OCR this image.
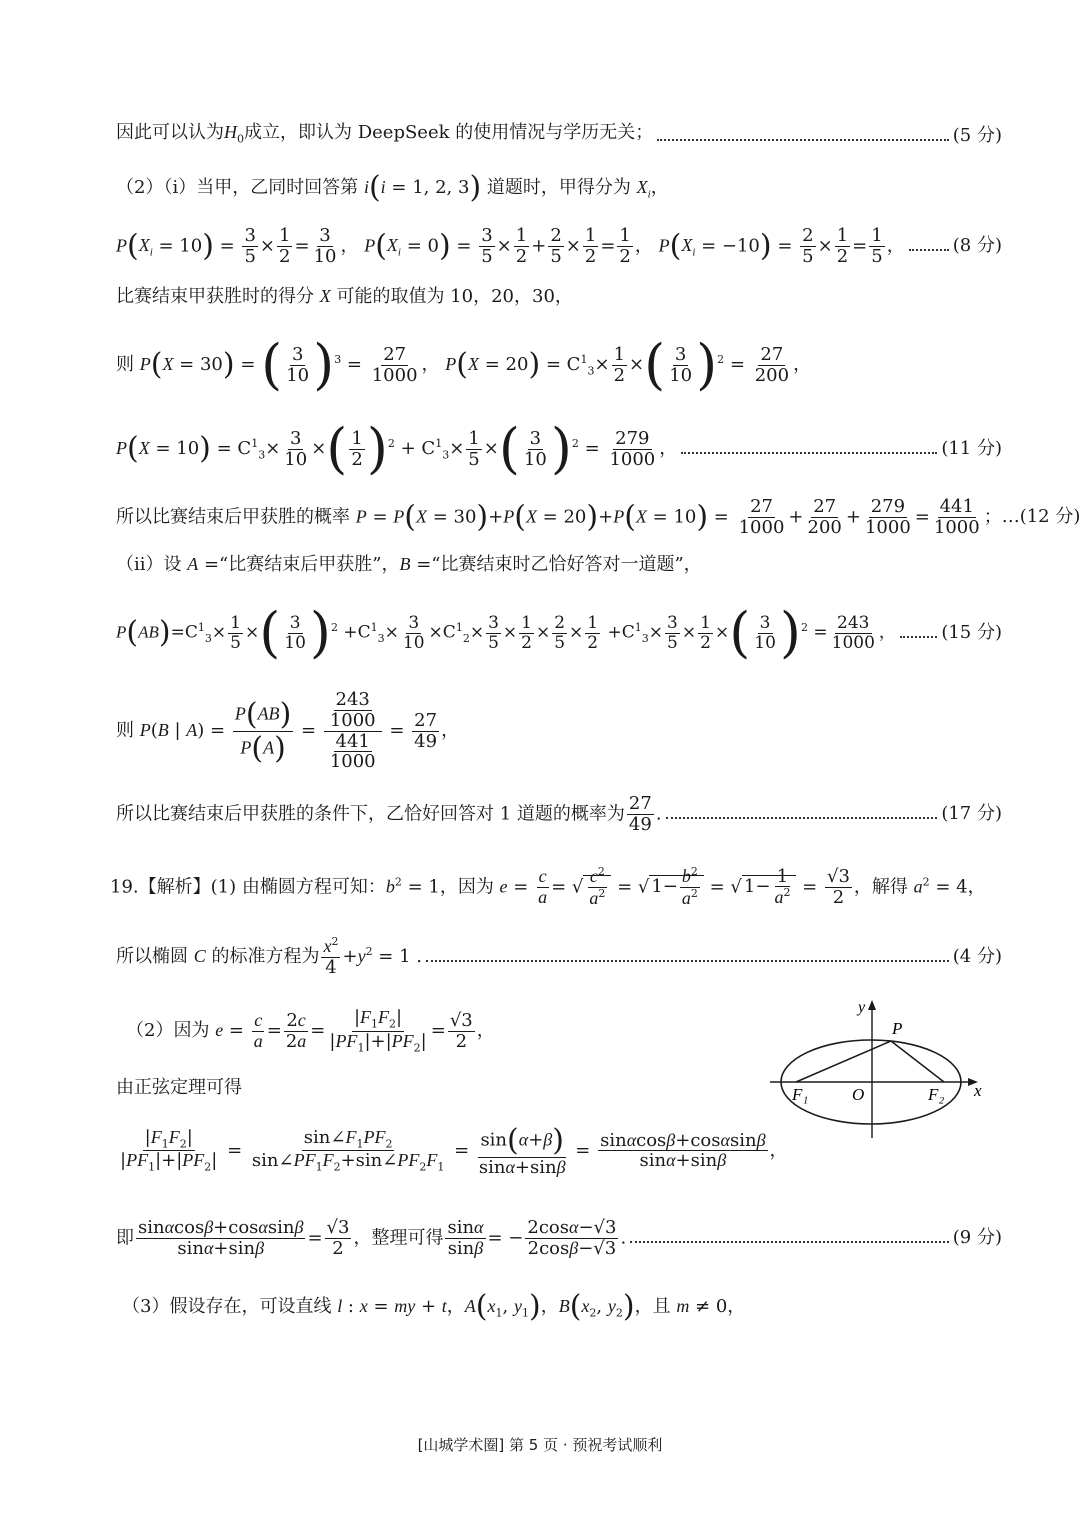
因此可以认为$H_0$成立，即认为 DeepSeek 的使用情况与学历无关；	(5 分)
（2）（i）当甲，乙同时回答第 i(i = 1, 2, 3) 道题时，甲得分为 $X_i$，
$P(X_i = 10) = \frac{3}{5} \times \frac{1}{2} = \frac{3}{10}$ ， $P(X_i = 0) = \frac{3}{5} \times \frac{1}{2} + \frac{2}{5} \times \frac{1}{2} = \frac{1}{2}$ ， $P(X_i = -10) = \frac{2}{5} \times \frac{1}{2} = \frac{1}{5}$ ，	(8 分)
比赛结束甲获胜时的得分 X 可能的取值为 10，20，30，
则 P(X = 30) = ( $\frac{3}{10} )^3 = \frac{27}{1000}$ ， $P(X = 20) = C^1_3\times \frac{1}{2}$ ×( $\frac{3}{10} )^2 = \frac{27}{200}$ ，
$P(X = 10) = C^1_3\times \frac{3}{10}$ ×( $\frac{1}{2} )^2 + C^1_3\times \frac{1}{5}$ ×( $\frac{3}{10} )^2 = \frac{279}{1000}$ ，	(11 分)
所以比赛结束后甲获胜的概率 $P = P(X = 30)+P(X = 20)+P(X = 10) = \frac{27}{1000} + \frac{27}{200} + \frac{279}{1000} = \frac{441}{1000}$ ； …(12 分)
（ii）设 A =“比赛结束后甲获胜”，B =“比赛结束时乙恰好答对一道题”，
$P(AB)=C^1_3\times \frac{1}{5}$ ×( $\frac{3}{10} )^2 +C^1_3\times \frac{3}{10} \times C^1_2\times \frac{3}{5} \times \frac{1}{2} \times \frac{2}{5} \times \frac{1}{2} +C^1_3\times \frac{3}{5} \times \frac{1}{2}$ ×( $\frac{3}{10} )^2 = \frac{243}{1000}$ ，	(15 分)
则 P(B | $A) = \frac{P(AB)}{P(A)} = \frac{\frac{243}{1000}}{\frac{441}{1000}} = \frac{27}{49}$ ，
所以比赛结束后甲获胜的条件下，乙恰好回答对 1 道题的概率为 $\frac{27}{49}$ .	(17 分)
19.【解析】(1) 由椭圆方程可知：$b^2 = 1$，因为 $e = \frac{c}{a}$ = √ $\frac{c^2}{a^2}$ = √ $1- \frac{b^2}{a^2}$ = √ $1- \frac{1}{a^2} = \frac{√3}{2}$ ，解得 $a^2 = 4$，
所以椭圆 C 的标准方程为 $\frac{x^2}{4} +y^2 = 1$ .	(4 分)
（2）因为 $e = \frac{c}{a} = \frac{2c}{2a} = \frac{|F_1F_2|}{|PF_1|+|PF_2|} = \frac{√3}{2}$ ，
由正弦定理可得
$\frac{|F_1F_2|}{|PF_1|+|PF_2|} = \frac{\sin\angle F_1PF_2}{\sin\angle PF_1F_2+\sin\angle PF_2F_1} = \frac{\sin(\alpha+\beta)}{\sin\alpha+\sin\beta} = \frac{\sin\alpha\cos\beta+\cos\alpha\sin\beta}{\sin\alpha+\sin\beta}$ ，
即 $\frac{\sin\alpha\cos\beta+\cos\alpha\sin\beta}{\sin\alpha+\sin\beta} = \frac{√3}{2}$ ，整理可得 $\frac{\sin\alpha}{\sin\beta}$ = − $\frac{2\cos\alpha-√3}{2\cos\beta-√3}$ .	(9 分)
（3）假设存在，可设直线 l : x = my + t，$A(x_1$, $y_1$)，$B(x_2$, $y_2$)，且 m ≠ 0，
y
P
O
F₁	F₂ x
[山城学术圈] 第 5 页 · 预祝考试顺利
